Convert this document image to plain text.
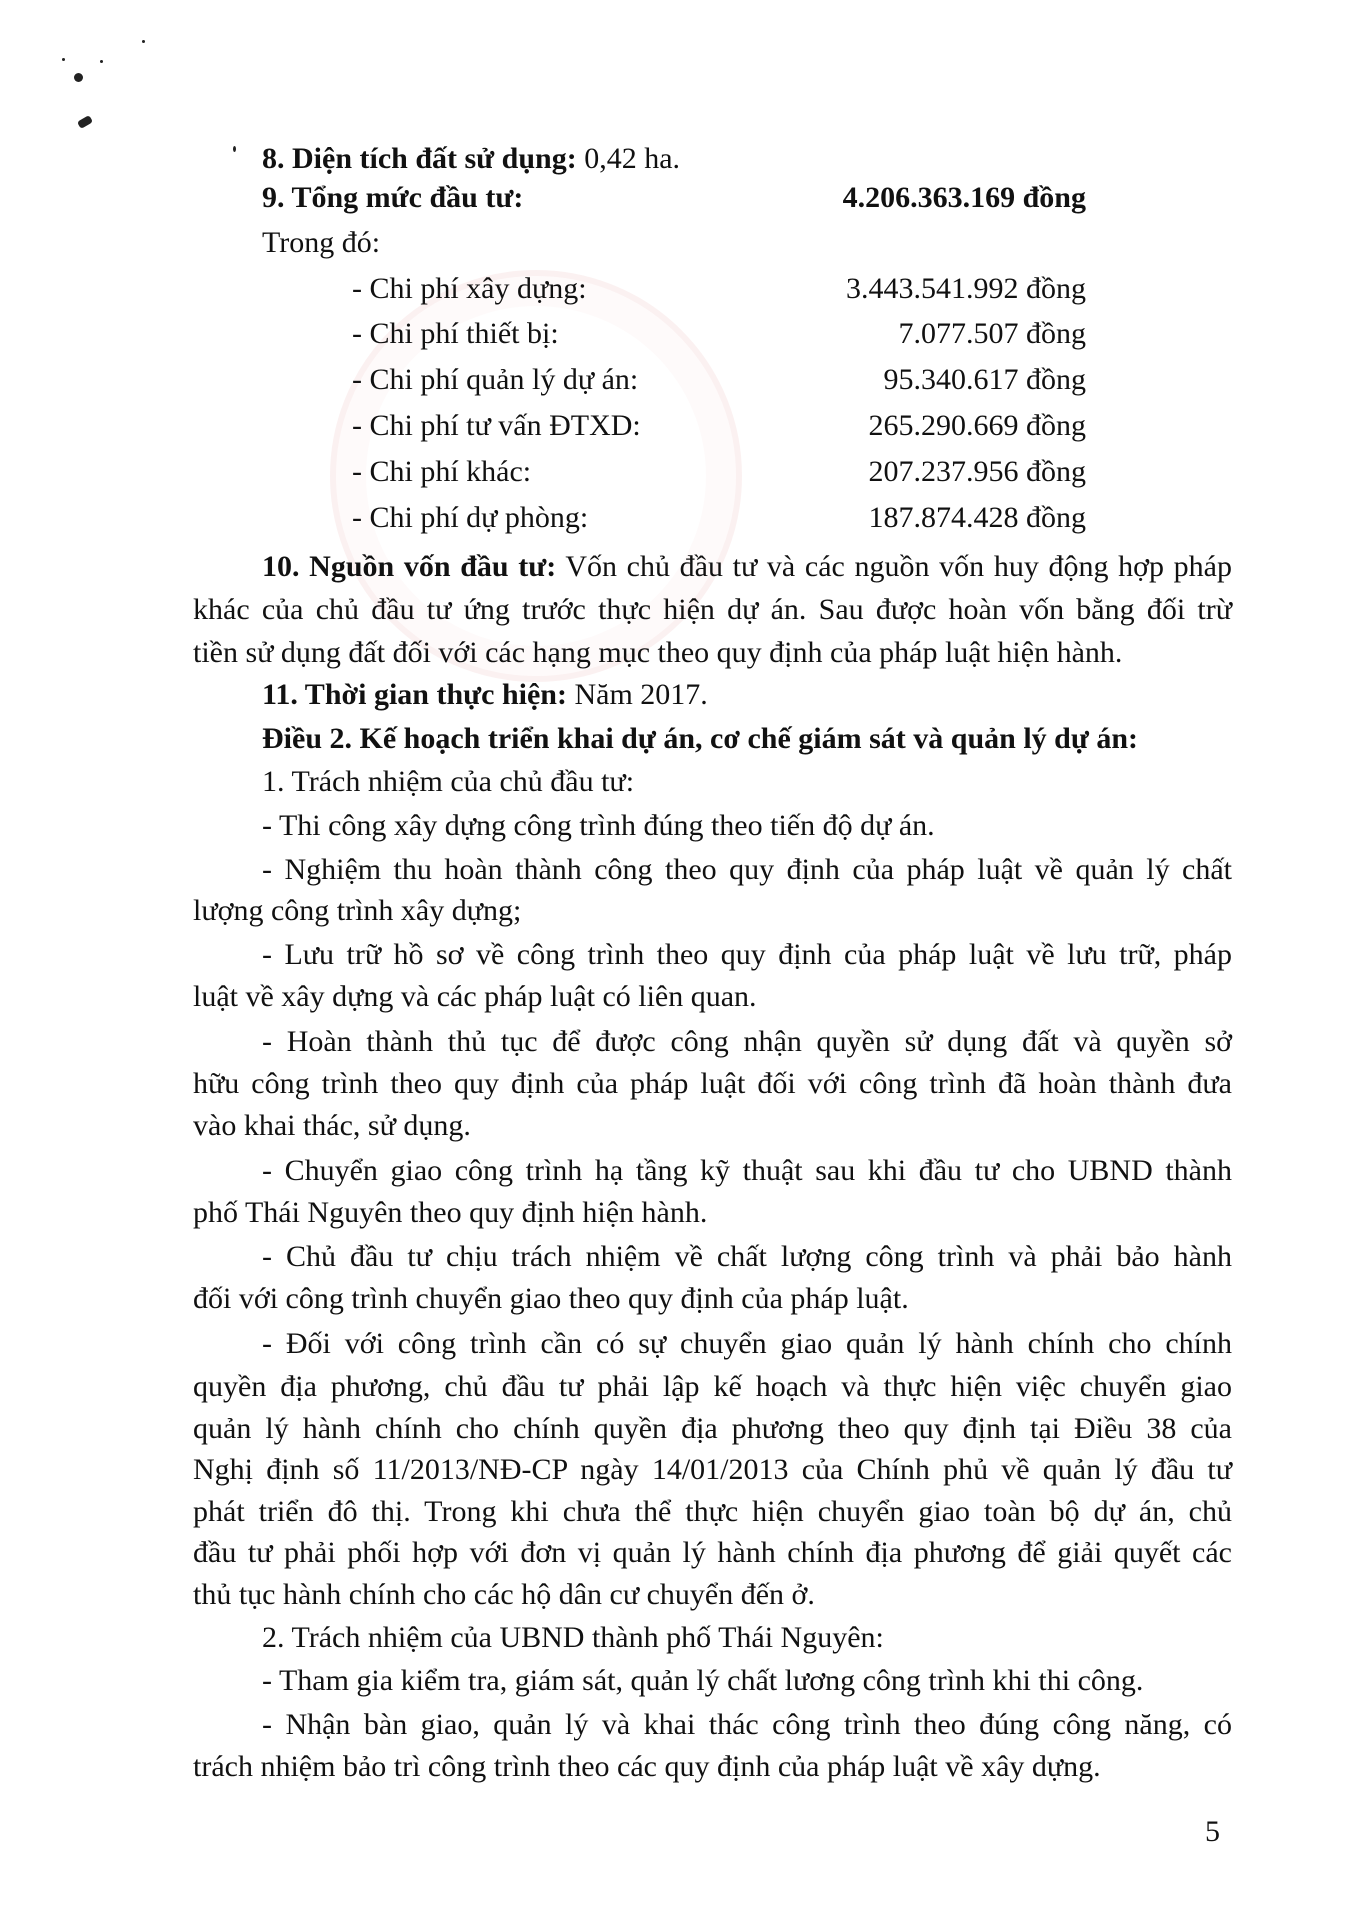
8. Diện tích đất sử dụng: 0,42 ha.
9. Tổng mức đầu tư:	4.206.363.169 đồng
Trong đó:
- Chi phí xây dựng:	3.443.541.992 đồng
- Chi phí thiết bị:	7.077.507 đồng
- Chi phí quản lý dự án:	95.340.617 đồng
- Chi phí tư vấn ĐTXD:	265.290.669 đồng
- Chi phí khác:	207.237.956 đồng
- Chi phí dự phòng:	187.874.428 đồng
10. Nguồn vốn đầu tư: Vốn chủ đầu tư và các nguồn vốn huy động hợp pháp
khác của chủ đầu tư ứng trước thực hiện dự án. Sau được hoàn vốn bằng đối trừ
tiền sử dụng đất đối với các hạng mục theo quy định của pháp luật hiện hành.
11. Thời gian thực hiện: Năm 2017.
Điều 2. Kế hoạch triển khai dự án, cơ chế giám sát và quản lý dự án:
1. Trách nhiệm của chủ đầu tư:
- Thi công xây dựng công trình đúng theo tiến độ dự án.
- Nghiệm thu hoàn thành công theo quy định của pháp luật về quản lý chất
lượng công trình xây dựng;
- Lưu trữ hồ sơ về công trình theo quy định của pháp luật về lưu trữ, pháp
luật về xây dựng và các pháp luật có liên quan.
- Hoàn thành thủ tục để được công nhận quyền sử dụng đất và quyền sở
hữu công trình theo quy định của pháp luật đối với công trình đã hoàn thành đưa
vào khai thác, sử dụng.
- Chuyển giao công trình hạ tầng kỹ thuật sau khi đầu tư cho UBND thành
phố Thái Nguyên theo quy định hiện hành.
- Chủ đầu tư chịu trách nhiệm về chất lượng công trình và phải bảo hành
đối với công trình chuyển giao theo quy định của pháp luật.
- Đối với công trình cần có sự chuyển giao quản lý hành chính cho chính
quyền địa phương, chủ đầu tư phải lập kế hoạch và thực hiện việc chuyển giao
quản lý hành chính cho chính quyền địa phương theo quy định tại Điều 38 của
Nghị định số 11/2013/NĐ-CP ngày 14/01/2013 của Chính phủ về quản lý đầu tư
phát triển đô thị. Trong khi chưa thể thực hiện chuyển giao toàn bộ dự án, chủ
đầu tư phải phối hợp với đơn vị quản lý hành chính địa phương để giải quyết các
thủ tục hành chính cho các hộ dân cư chuyển đến ở.
2. Trách nhiệm của UBND thành phố Thái Nguyên:
- Tham gia kiểm tra, giám sát, quản lý chất lương công trình khi thi công.
- Nhận bàn giao, quản lý và khai thác công trình theo đúng công năng, có
trách nhiệm bảo trì công trình theo các quy định của pháp luật về xây dựng.
5
